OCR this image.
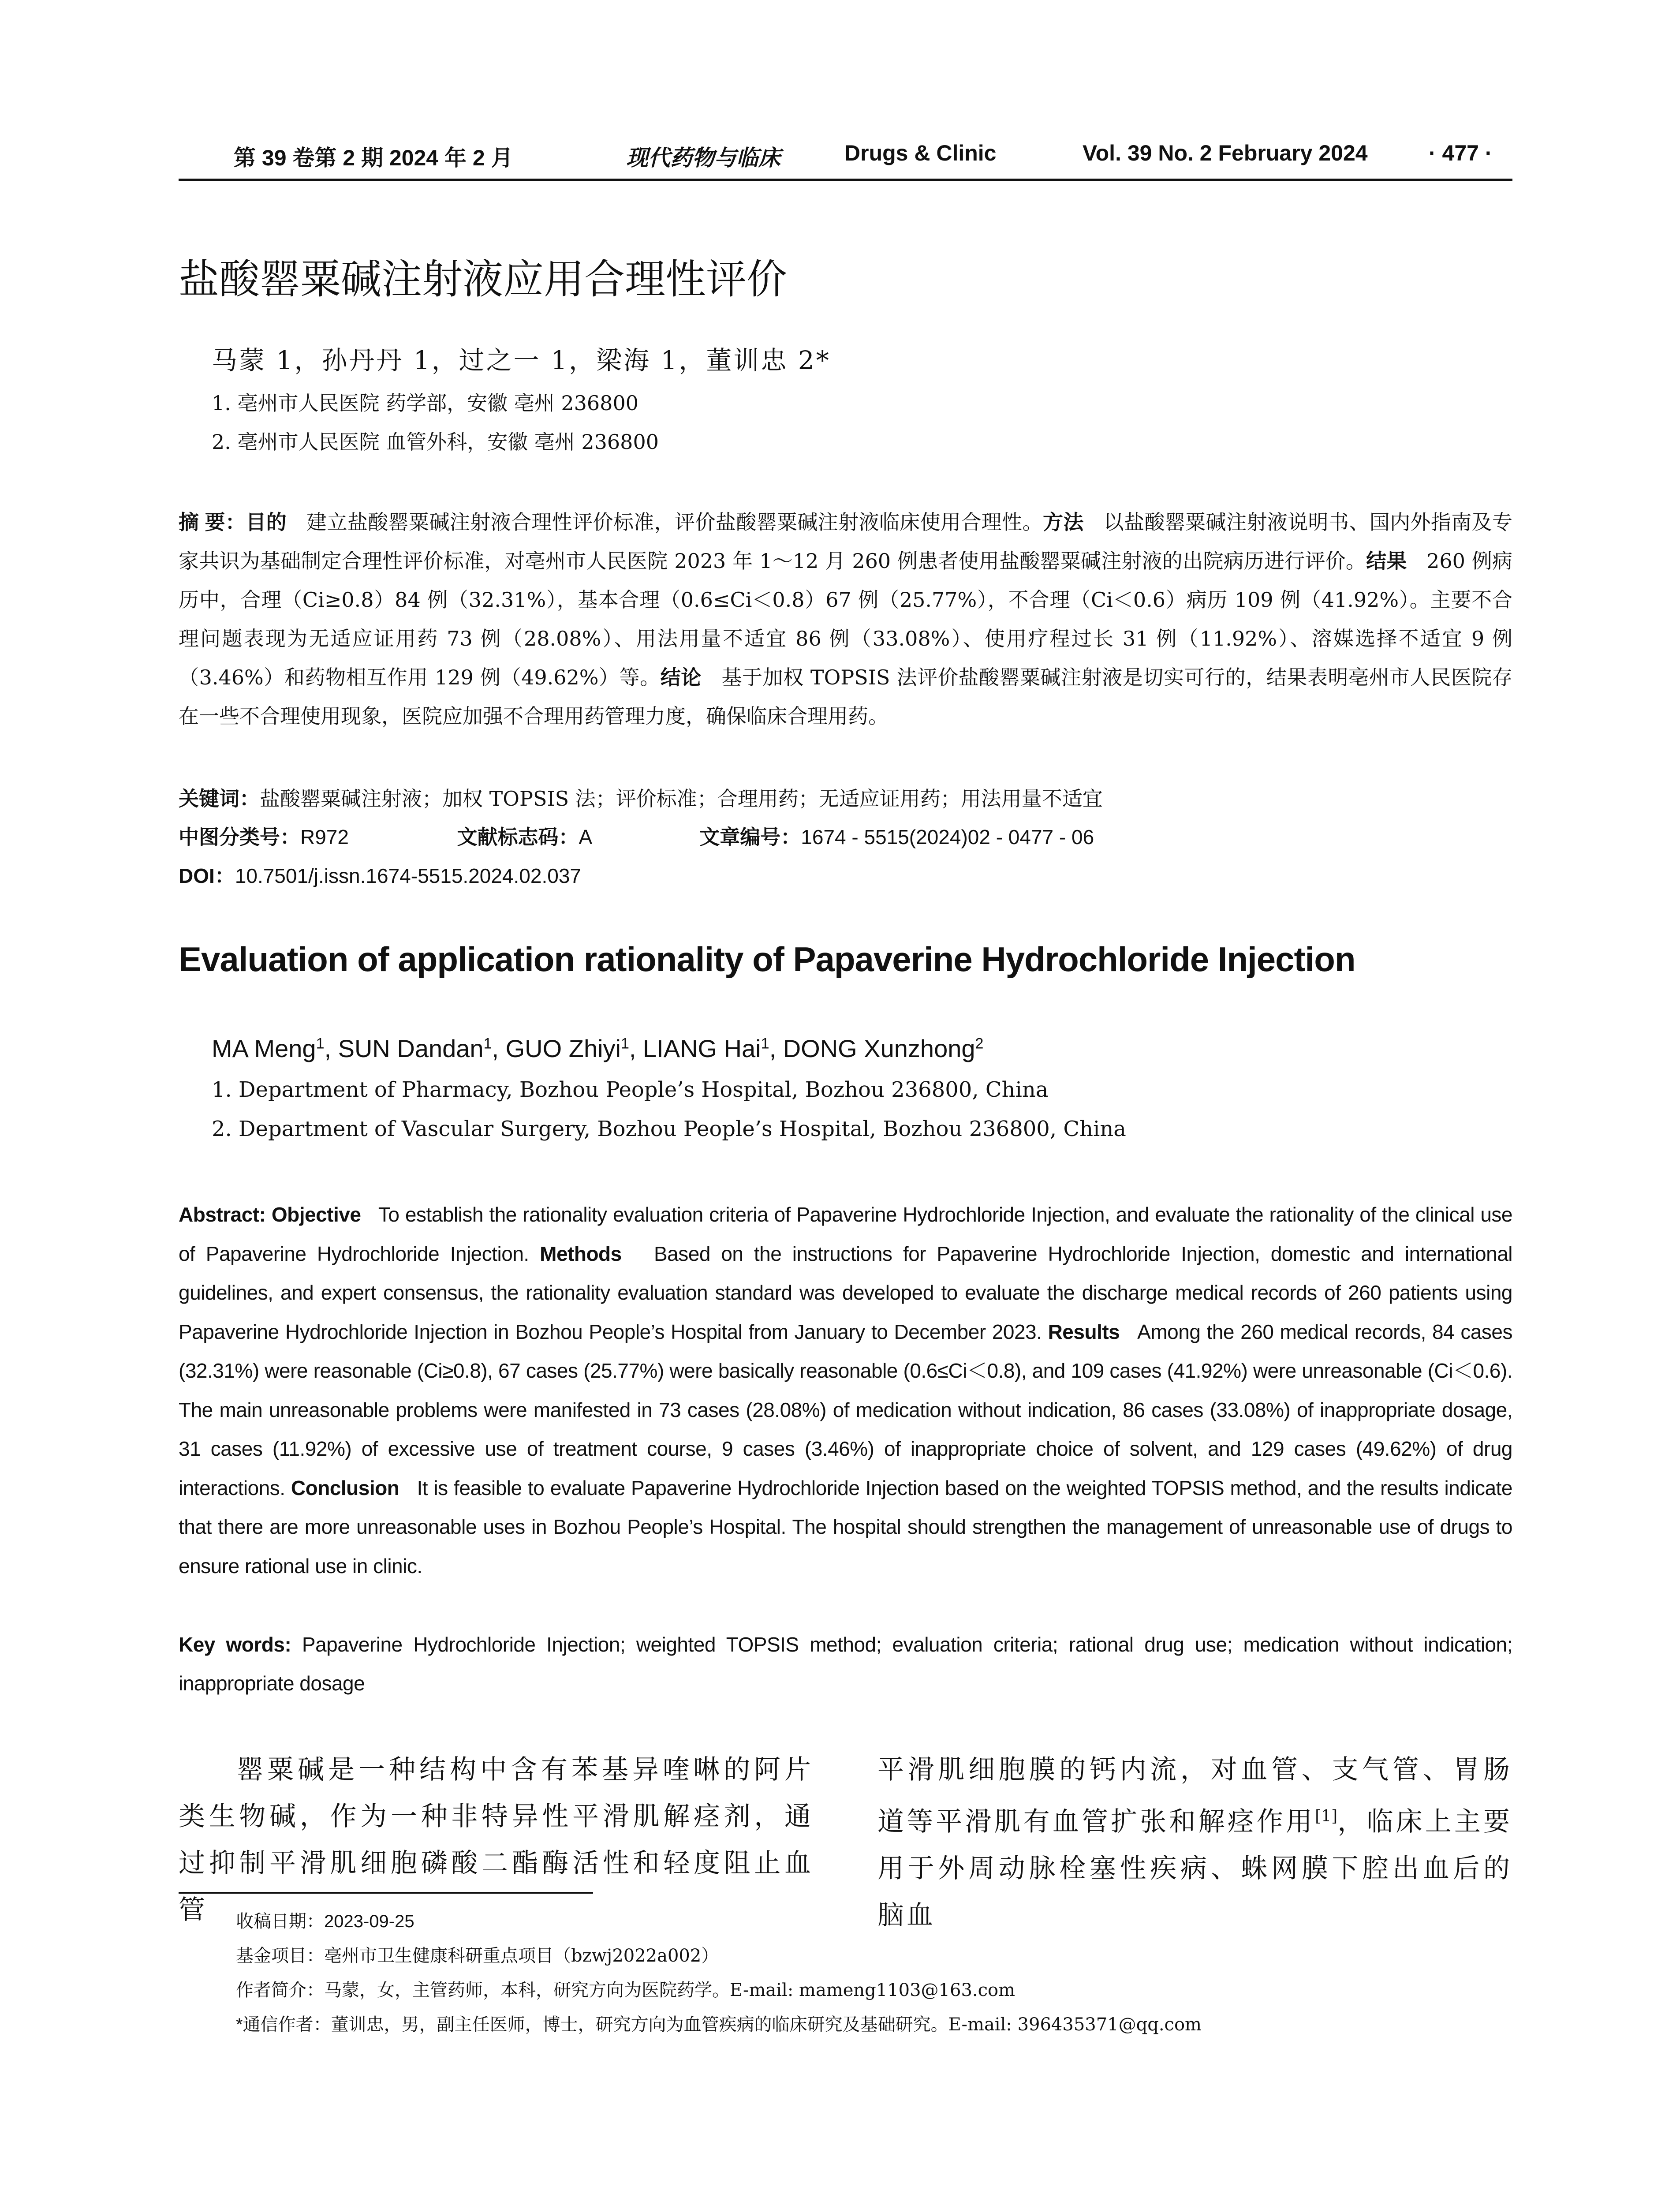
第 39 卷第 2 期 2024 年 2 月	现代药物与临床	Drugs & Clinic	Vol. 39 No. 2 February 2024	· 477 ·
盐酸罂粟碱注射液应用合理性评价
马蒙 1，孙丹丹 1，过之一 1，梁海 1，董训忠 2*
1. 亳州市人民医院 药学部，安徽 亳州 236800
2. 亳州市人民医院 血管外科，安徽 亳州 236800
摘 要：目的 建立盐酸罂粟碱注射液合理性评价标准，评价盐酸罂粟碱注射液临床使用合理性。方法 以盐酸罂粟碱注射液说明书、国内外指南及专家共识为基础制定合理性评价标准，对亳州市人民医院 2023 年 1～12 月 260 例患者使用盐酸罂粟碱注射液的出院病历进行评价。结果 260 例病历中，合理（Ci≥0.8）84 例（32.31%），基本合理（0.6≤Ci＜0.8）67 例（25.77%），不合理（Ci＜0.6）病历 109 例（41.92%）。主要不合理问题表现为无适应证用药 73 例（28.08%）、用法用量不适宜 86 例（33.08%）、使用疗程过长 31 例（11.92%）、溶媒选择不适宜 9 例（3.46%）和药物相互作用 129 例（49.62%）等。结论 基于加权 TOPSIS 法评价盐酸罂粟碱注射液是切实可行的，结果表明亳州市人民医院存在一些不合理使用现象，医院应加强不合理用药管理力度，确保临床合理用药。
关键词：盐酸罂粟碱注射液；加权 TOPSIS 法；评价标准；合理用药；无适应证用药；用法用量不适宜
中图分类号：R972	文献标志码：A	文章编号：1674 - 5515(2024)02 - 0477 - 06
DOI：10.7501/j.issn.1674-5515.2024.02.037
Evaluation of application rationality of Papaverine Hydrochloride Injection
MA Meng$^1$, SUN Dandan$^1$, GUO Zhiyi$^1$, LIANG Hai$^1$, DONG Xunzhong$^2$
1. Department of Pharmacy, Bozhou People’s Hospital, Bozhou 236800, China
2. Department of Vascular Surgery, Bozhou People’s Hospital, Bozhou 236800, China
Abstract: Objective To establish the rationality evaluation criteria of Papaverine Hydrochloride Injection, and evaluate the rationality of the clinical use of Papaverine Hydrochloride Injection. Methods Based on the instructions for Papaverine Hydrochloride Injection, domestic and international guidelines, and expert consensus, the rationality evaluation standard was developed to evaluate the discharge medical records of 260 patients using Papaverine Hydrochloride Injection in Bozhou People’s Hospital from January to December 2023. Results Among the 260 medical records, 84 cases (32.31%) were reasonable (Ci≥0.8), 67 cases (25.77%) were basically reasonable (0.6≤Ci＜0.8), and 109 cases (41.92%) were unreasonable (Ci＜0.6). The main unreasonable problems were manifested in 73 cases (28.08%) of medication without indication, 86 cases (33.08%) of inappropriate dosage, 31 cases (11.92%) of excessive use of treatment course, 9 cases (3.46%) of inappropriate choice of solvent, and 129 cases (49.62%) of drug interactions. Conclusion It is feasible to evaluate Papaverine Hydrochloride Injection based on the weighted TOPSIS method, and the results indicate that there are more unreasonable uses in Bozhou People’s Hospital. The hospital should strengthen the management of unreasonable use of drugs to ensure rational use in clinic.
Key words: Papaverine Hydrochloride Injection; weighted TOPSIS method; evaluation criteria; rational drug use; medication without indication; inappropriate dosage

罂粟碱是一种结构中含有苯基异喹啉的阿片类生物碱，作为一种非特异性平滑肌解痉剂，通过抑制平滑肌细胞磷酸二酯酶活性和轻度阻止血管

平滑肌细胞膜的钙内流，对血管、支气管、胃肠道等平滑肌有血管扩张和解痉作用[1]，临床上主要用于外周动脉栓塞性疾病、蛛网膜下腔出血后的脑血

收稿日期：2023-09-25
基金项目：亳州市卫生健康科研重点项目（bzwj2022a002）
作者简介：马蒙，女，主管药师，本科，研究方向为医院药学。E-mail: mameng1103@163.com
*通信作者：董训忠，男，副主任医师，博士，研究方向为血管疾病的临床研究及基础研究。E-mail: 396435371@qq.com
